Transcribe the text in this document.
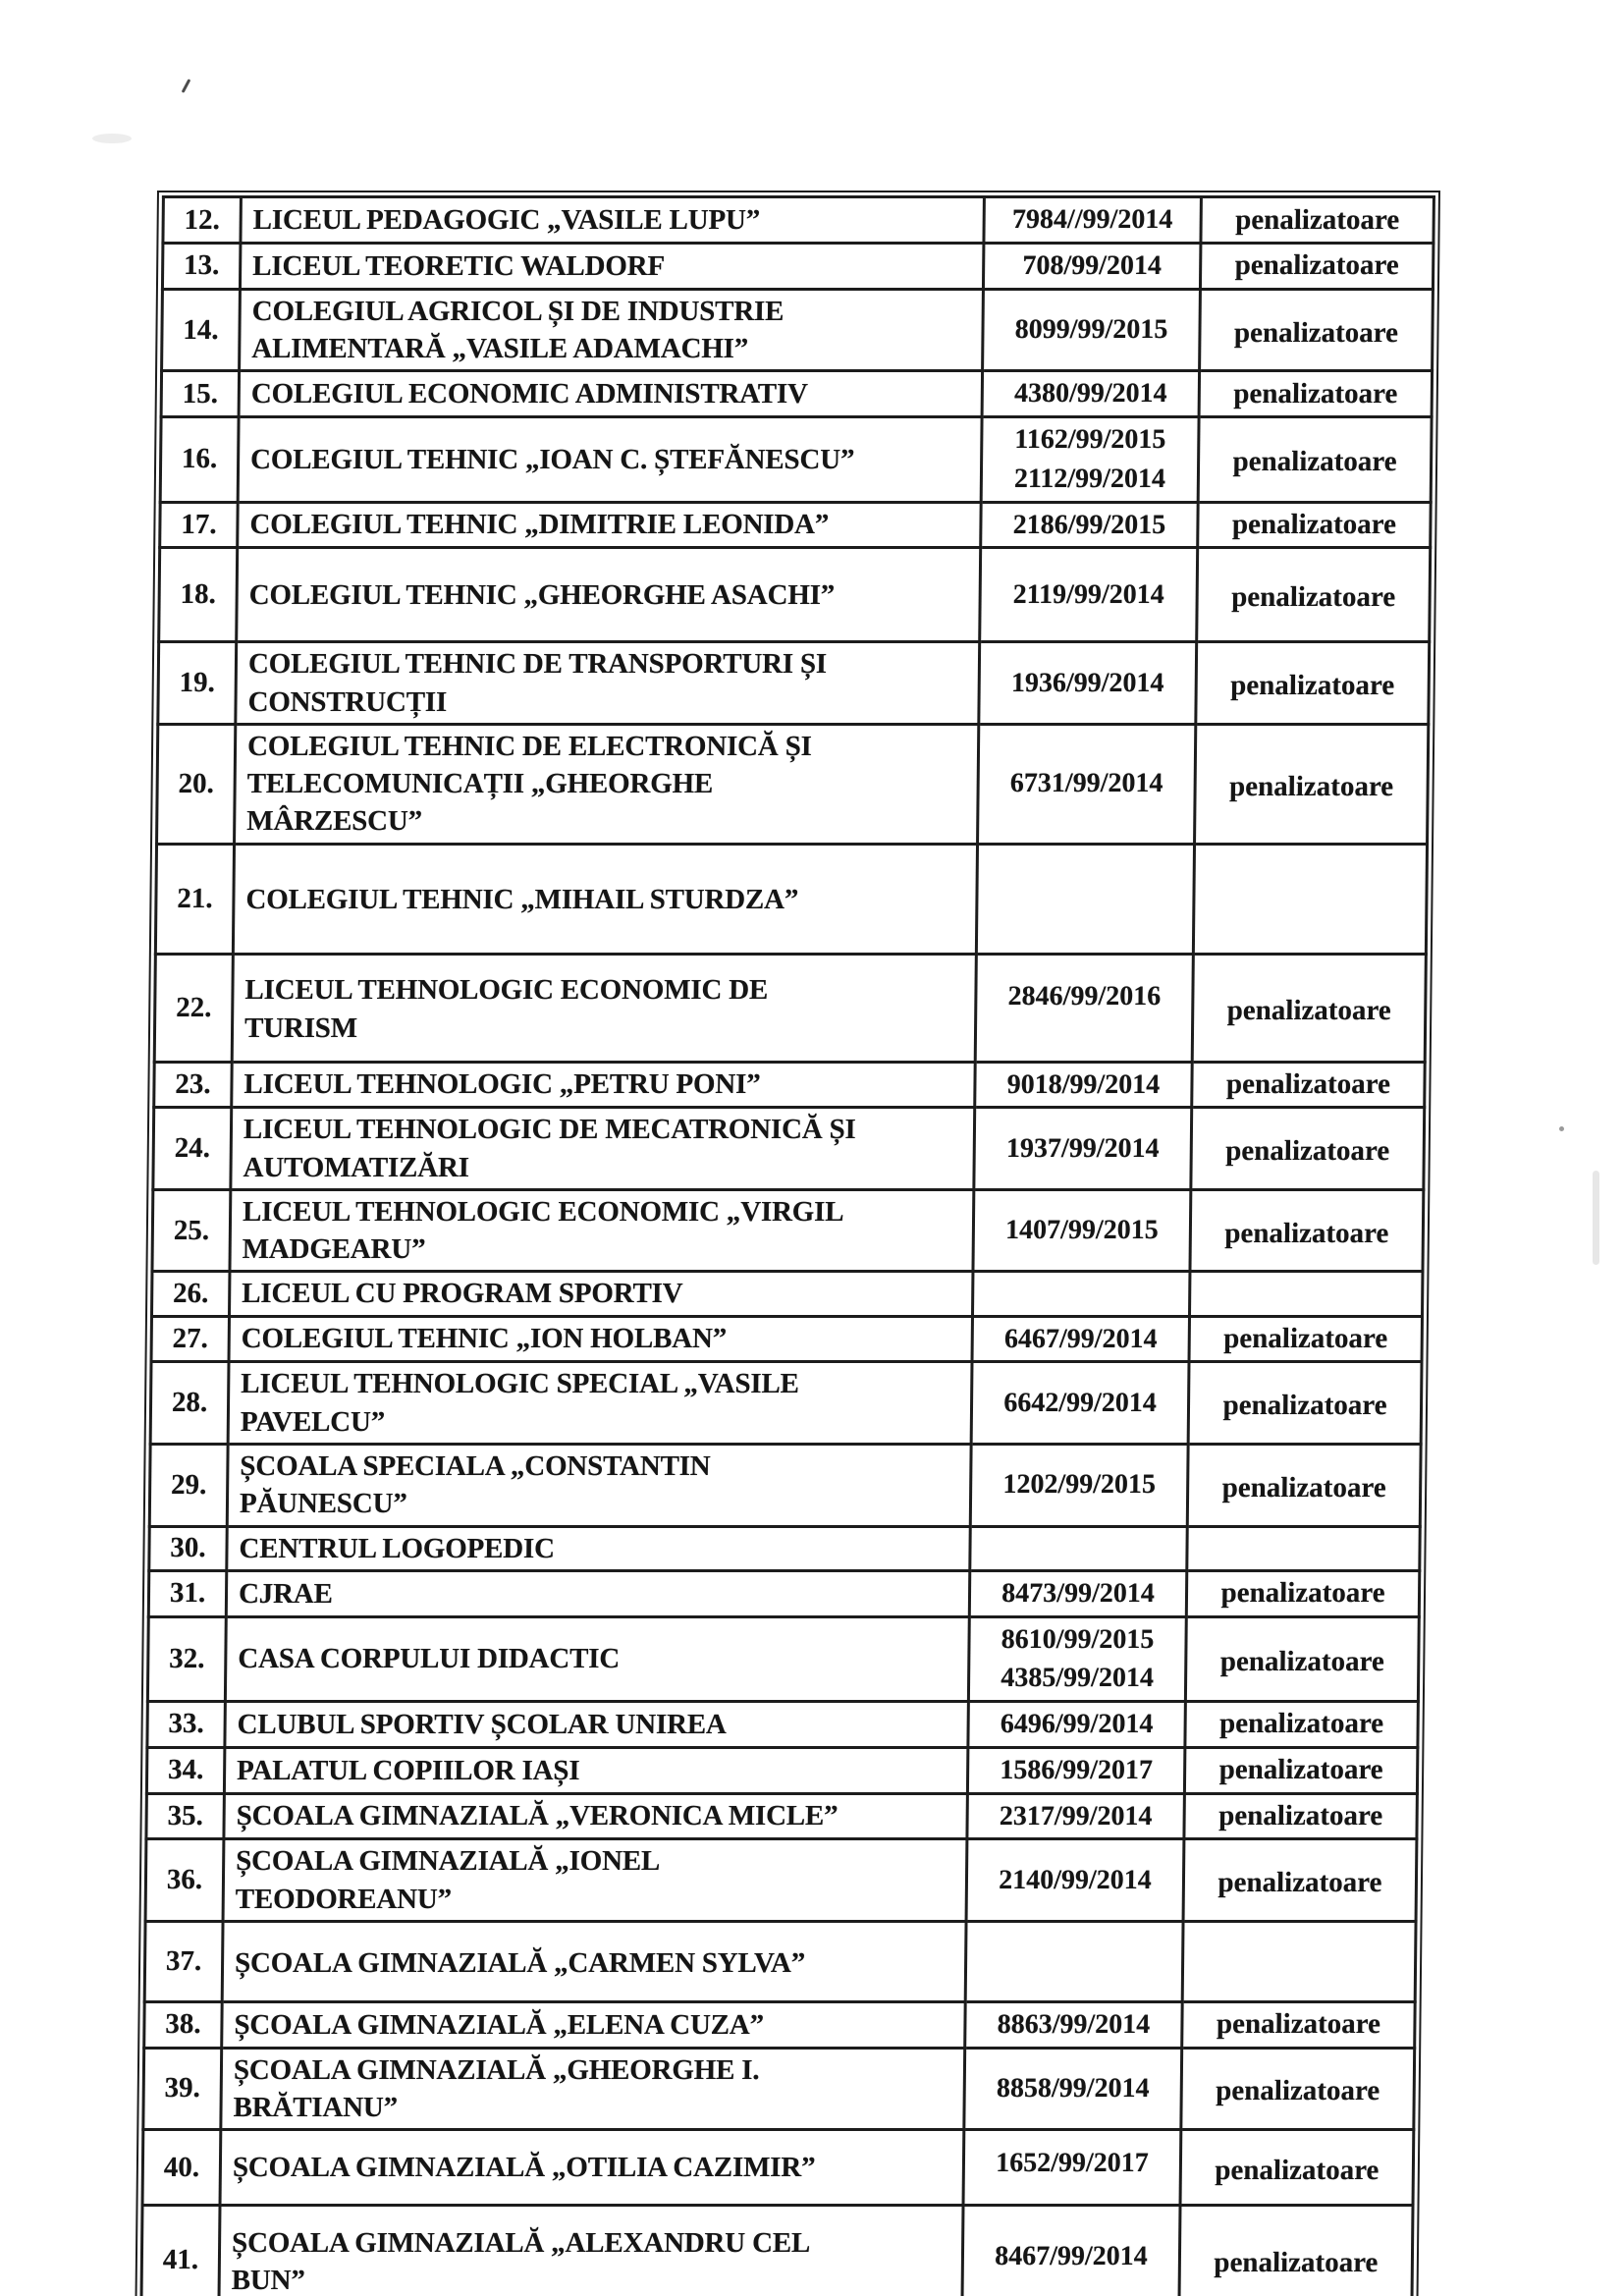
12.	LICEUL PEDAGOGIC „VASILE LUPU”	7984//99/2014	penalizatoare
13.	LICEUL TEORETIC WALDORF	708/99/2014	penalizatoare
14.	COLEGIUL AGRICOL ȘI DE INDUSTRIE
ALIMENTARĂ „VASILE ADAMACHI”	8099/99/2015	penalizatoare
15.	COLEGIUL ECONOMIC ADMINISTRATIV	4380/99/2014	penalizatoare
16.	COLEGIUL TEHNIC „IOAN C. ȘTEFĂNESCU”	1162/99/2015
2112/99/2014	penalizatoare
17.	COLEGIUL TEHNIC „DIMITRIE LEONIDA”	2186/99/2015	penalizatoare
18.	COLEGIUL TEHNIC „GHEORGHE ASACHI”	2119/99/2014	penalizatoare
19.	COLEGIUL TEHNIC DE TRANSPORTURI ȘI
CONSTRUCȚII	1936/99/2014	penalizatoare
20.	COLEGIUL TEHNIC DE ELECTRONICĂ ȘI
TELECOMUNICAȚII „GHEORGHE
MÂRZESCU”	6731/99/2014	penalizatoare
21.	COLEGIUL TEHNIC „MIHAIL STURDZA”		
22.	LICEUL TEHNOLOGIC ECONOMIC DE
TURISM	2846/99/2016	penalizatoare
23.	LICEUL TEHNOLOGIC „PETRU PONI”	9018/99/2014	penalizatoare
24.	LICEUL TEHNOLOGIC DE MECATRONICĂ ȘI
AUTOMATIZĂRI	1937/99/2014	penalizatoare
25.	LICEUL TEHNOLOGIC ECONOMIC „VIRGIL
MADGEARU”	1407/99/2015	penalizatoare
26.	LICEUL CU PROGRAM SPORTIV		
27.	COLEGIUL TEHNIC „ION HOLBAN”	6467/99/2014	penalizatoare
28.	LICEUL TEHNOLOGIC SPECIAL „VASILE
PAVELCU”	6642/99/2014	penalizatoare
29.	ȘCOALA SPECIALA „CONSTANTIN
PĂUNESCU”	1202/99/2015	penalizatoare
30.	CENTRUL LOGOPEDIC		
31.	CJRAE	8473/99/2014	penalizatoare
32.	CASA CORPULUI DIDACTIC	8610/99/2015
4385/99/2014	penalizatoare
33.	CLUBUL SPORTIV ȘCOLAR UNIREA	6496/99/2014	penalizatoare
34.	PALATUL COPIILOR IAȘI	1586/99/2017	penalizatoare
35.	ȘCOALA GIMNAZIALĂ „VERONICA MICLE”	2317/99/2014	penalizatoare
36.	ȘCOALA GIMNAZIALĂ „IONEL
TEODOREANU”	2140/99/2014	penalizatoare
37.	ȘCOALA GIMNAZIALĂ „CARMEN SYLVA”		
38.	ȘCOALA GIMNAZIALĂ „ELENA CUZA”	8863/99/2014	penalizatoare
39.	ȘCOALA GIMNAZIALĂ „GHEORGHE I.
BRĂTIANU”	8858/99/2014	penalizatoare
40.	ȘCOALA GIMNAZIALĂ „OTILIA CAZIMIR”	1652/99/2017	penalizatoare
41.	ȘCOALA GIMNAZIALĂ „ALEXANDRU CEL
BUN”	8467/99/2014	penalizatoare
